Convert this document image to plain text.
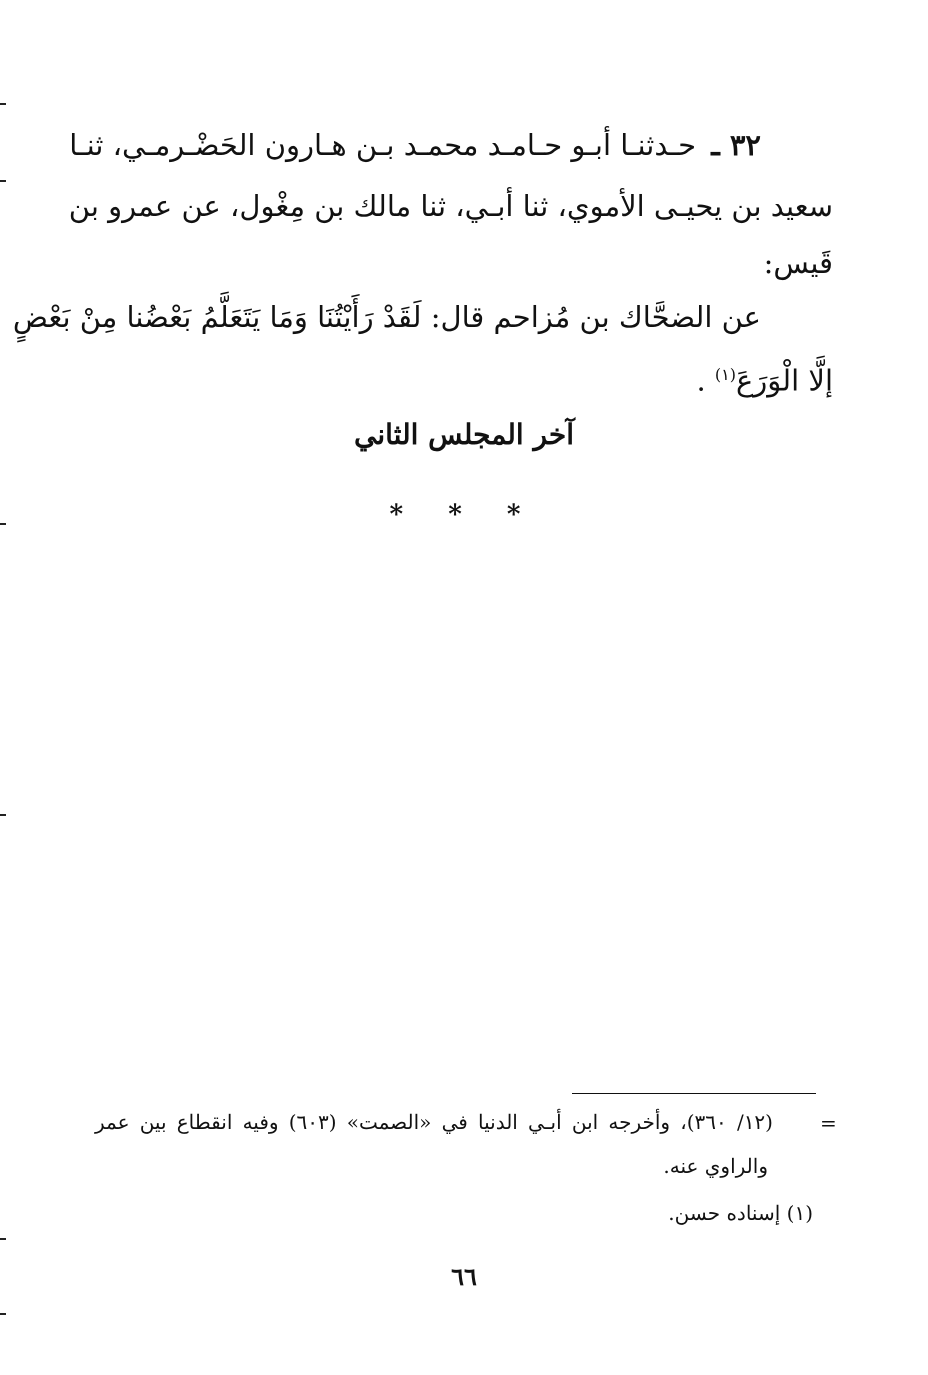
٣٢ ـ حـدثنـا أبـو حـامـد محمـد بـن هـارون الحَضْـرمـي، ثنـا
سعيد بن يحيـى الأموي، ثنا أبـي، ثنا مالك بن مِغْول، عن عمرو بن
قَيس:
عن الضحَّاك بن مُزاحم قال: لَقَدْ رَأَيْتُنَا وَمَا يَتَعَلَّمُ بَعْضُنا مِنْ بَعْضٍ
إلَّا الْوَرَعَ$^{(١)}$ .
آخر المجلس الثاني
* * *
=
(١٢/ ٣٦٠)، وأخرجه ابن أبـي الدنيا في «الصمت» (٦٠٣) وفيه انقطاع بين عمر
والراوي عنه.
(١) إسناده حسن.
٦٦
